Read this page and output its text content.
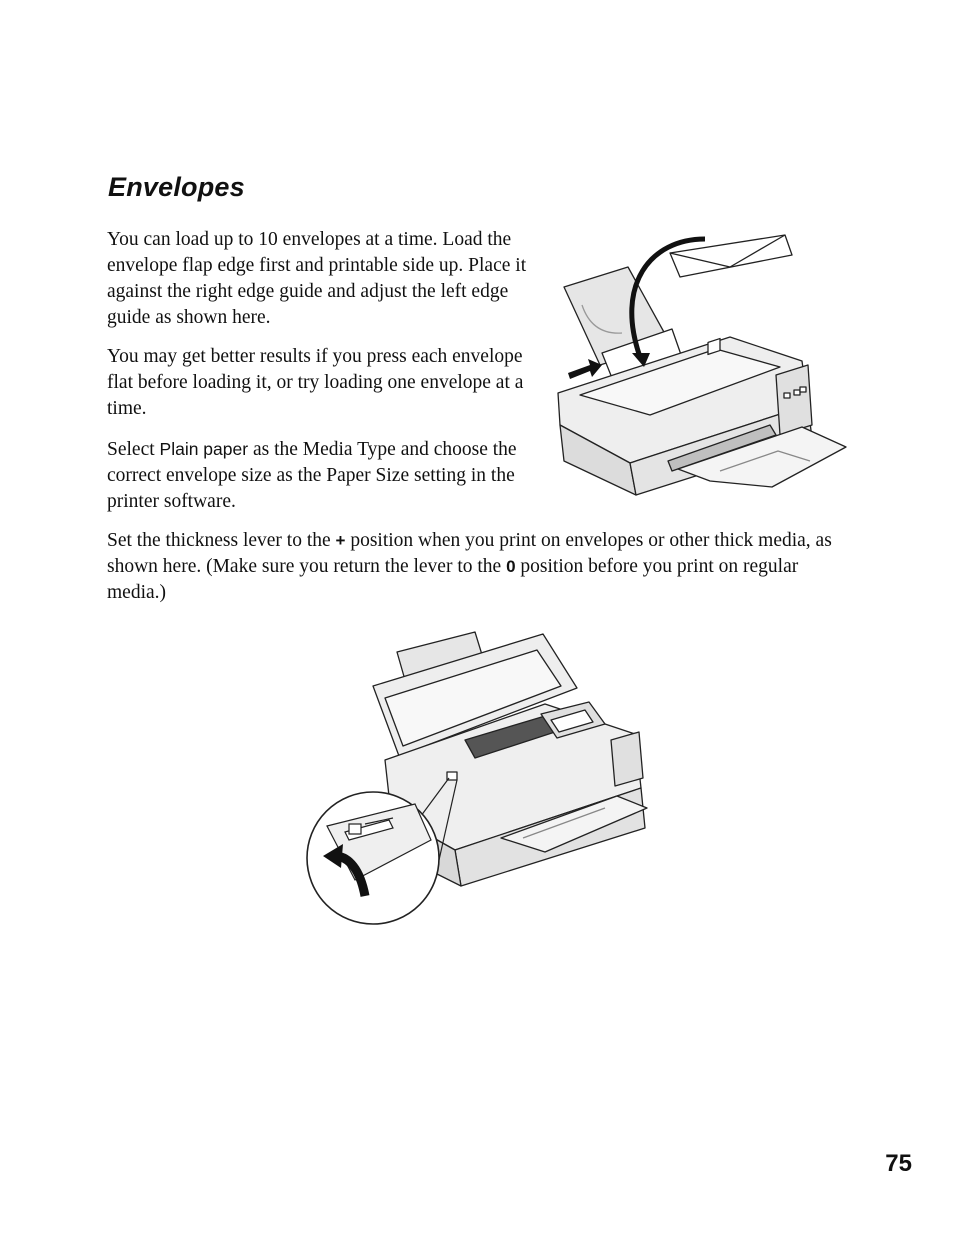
Envelopes

You can load up to 10 envelopes at a time. Load the envelope flap edge first and printable side up. Place it against the right edge guide and adjust the left edge guide as shown here.

You may get better results if you press each envelope flat before loading it, or try loading one envelope at a time.

Select Plain paper as the Media Type and choose the correct envelope size as the Paper Size setting in the printer software.

Set the thickness lever to the + position when you print on envelopes or other thick media, as shown here. (Make sure you return the lever to the 0 position before you print on regular media.)

75
